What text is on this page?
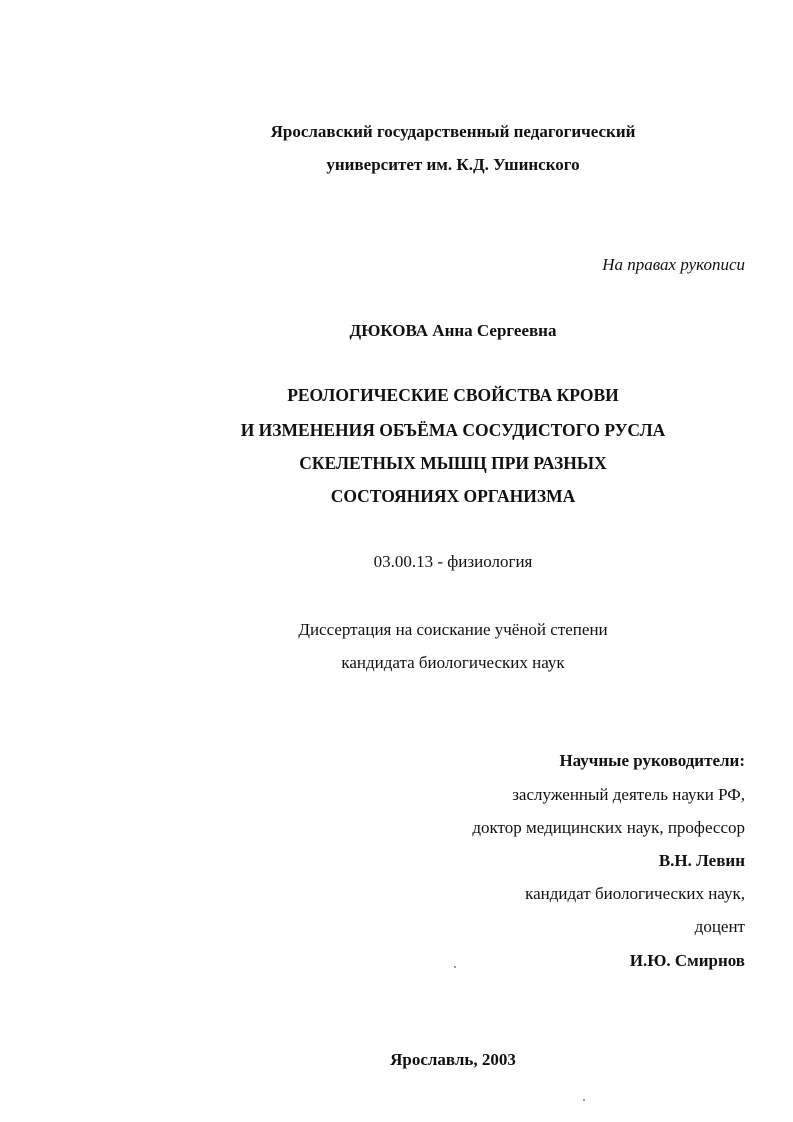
Ярославский государственный педагогический
университет им. К.Д. Ушинского
На правах рукописи
ДЮКОВА Анна Сергеевна
РЕОЛОГИЧЕСКИЕ СВОЙСТВА КРОВИ
И ИЗМЕНЕНИЯ ОБЪЁМА СОСУДИСТОГО РУСЛА
СКЕЛЕТНЫХ МЫШЦ ПРИ РАЗНЫХ
СОСТОЯНИЯХ ОРГАНИЗМА
03.00.13 - физиология
Диссертация на соискание учёной степени
кандидата биологических наук
Научные руководители:
заслуженный деятель науки РФ,
доктор медицинских наук, профессор
В.Н. Левин
кандидат биологических наук,
доцент
И.Ю. Смирнов
Ярославль, 2003
